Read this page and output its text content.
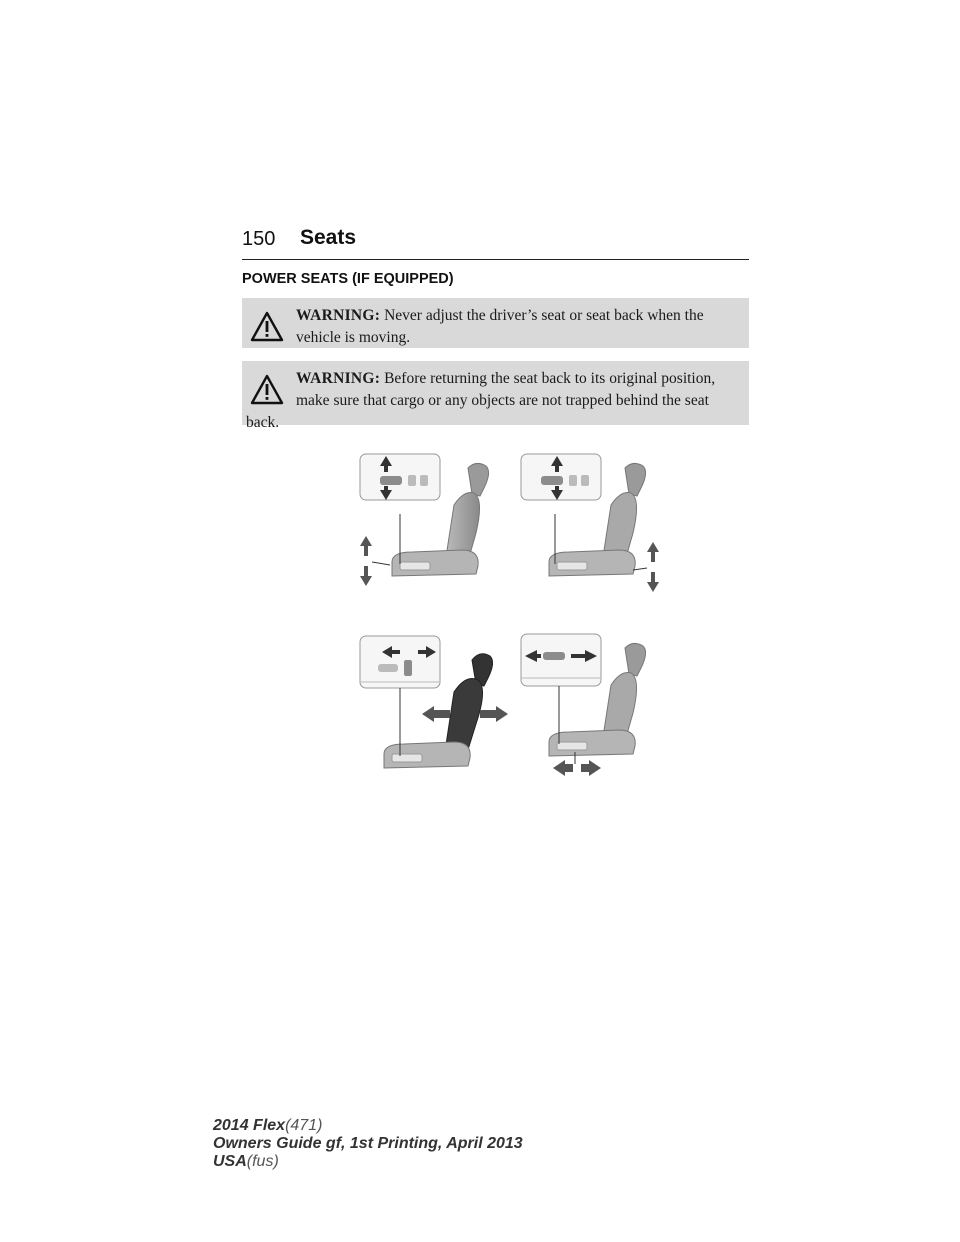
150 Seats
POWER SEATS (IF EQUIPPED)
WARNING: Never adjust the driver’s seat or seat back when the vehicle is moving.
WARNING: Before returning the seat back to its original position, make sure that cargo or any objects are not trapped behind the seat back.
2014 Flex(471)
Owners Guide gf, 1st Printing, April 2013
USA(fus)
